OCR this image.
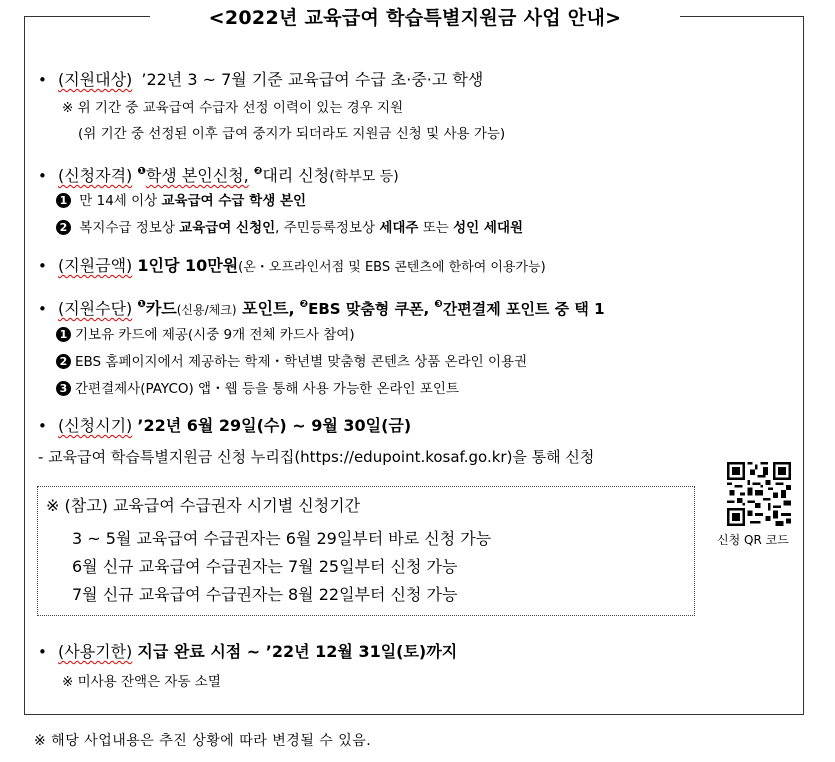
<2022년 교육급여 학습특별지원금 사업 안내>
• (지원대상) ’22년 3 ~ 7월 기준 교육급여 수급 초·중·고 학생
※ 위 기간 중 교육급여 수급자 선정 이력이 있는 경우 지원
(위 기간 중 선정된 이후 급여 중지가 되더라도 지원금 신청 및 사용 가능)
• (신청자격) $^❶$학생 본인신청, $^❷$대리 신청(학부모 등)
1 만 14세 이상 교육급여 수급 학생 본인
2 복지수급 정보상 교육급여 신청인, 주민등록정보상 세대주 또는 성인 세대원
• (지원금액) 1인당 10만원(온・오프라인서점 및 EBS 콘텐츠에 한하여 이용가능)
• (지원수단) $^❶$카드(신용/체크) 포인트, $^❷$EBS 맞춤형 쿠폰, $^❸$간편결제 포인트 중 택 1
1 기보유 카드에 제공(시중 9개 전체 카드사 참여)
2 EBS 홈페이지에서 제공하는 학제・학년별 맞춤형 콘텐츠 상품 온라인 이용권
3 간편결제사(PAYCO) 앱・웹 등을 통해 사용 가능한 온라인 포인트
• (신청시기) ’22년 6월 29일(수) ~ 9월 30일(금)
- 교육급여 학습특별지원금 신청 누리집(https://edupoint.kosaf.go.kr)을 통해 신청
신청 QR 코드
※ (참고) 교육급여 수급권자 시기별 신청기간
3 ~ 5월 교육급여 수급권자는 6월 29일부터 바로 신청 가능
6월 신규 교육급여 수급권자는 7월 25일부터 신청 가능
7월 신규 교육급여 수급권자는 8월 22일부터 신청 가능
• (사용기한) 지급 완료 시점 ~ ’22년 12월 31일(토)까지
※ 미사용 잔액은 자동 소멸
※ 해당 사업내용은 추진 상황에 따라 변경될 수 있음.
